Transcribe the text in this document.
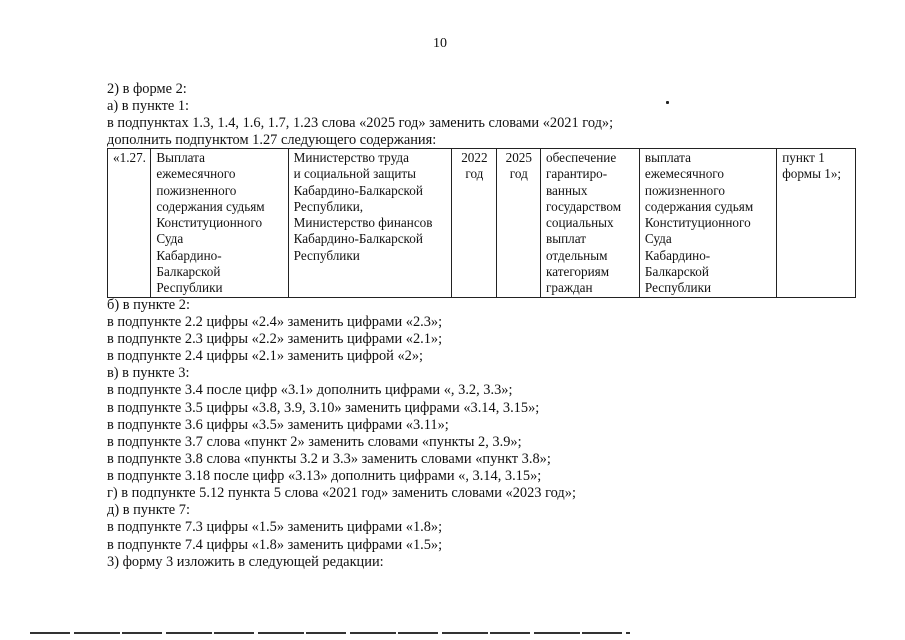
10
2) в форме 2:
а) в пункте 1:
в подпунктах 1.3, 1.4, 1.6, 1.7, 1.23 слова «2025 год» заменить словами «2021 год»;
дополнить подпунктом 1.27 следующего содержания:
«1.27.	Выплата
ежемесячного
пожизненного
содержания судьям
Конституционного
Суда
Кабардино-
Балкарской
Республики	Министерство труда
и социальной защиты
Кабардино-Балкарской
Республики,
Министерство финансов
Кабардино-Балкарской
Республики	2022
год	2025
год	обеспечение
гарантиро-
ванных
государством
социальных
выплат
отдельным
категориям
граждан	выплата
ежемесячного
пожизненного
содержания судьям
Конституционного
Суда
Кабардино-
Балкарской
Республики	пункт 1
формы 1»;
б) в пункте 2:
в подпункте 2.2 цифры «2.4» заменить цифрами «2.3»;
в подпункте 2.3 цифры «2.2» заменить цифрами «2.1»;
в подпункте 2.4 цифры «2.1» заменить цифрой «2»;
в) в пункте 3:
в подпункте 3.4 после цифр «3.1» дополнить цифрами «, 3.2, 3.3»;
в подпункте 3.5 цифры «3.8, 3.9, 3.10» заменить цифрами «3.14, 3.15»;
в подпункте 3.6 цифры «3.5» заменить цифрами «3.11»;
в подпункте 3.7 слова «пункт 2» заменить словами «пункты 2, 3.9»;
в подпункте 3.8 слова «пункты 3.2 и 3.3» заменить словами «пункт 3.8»;
в подпункте 3.18 после цифр «3.13» дополнить цифрами «, 3.14, 3.15»;
г) в подпункте 5.12 пункта 5 слова «2021 год» заменить словами «2023 год»;
д) в пункте 7:
в подпункте 7.3 цифры «1.5» заменить цифрами «1.8»;
в подпункте 7.4 цифры «1.8» заменить цифрами «1.5»;
3) форму 3 изложить в следующей редакции:
